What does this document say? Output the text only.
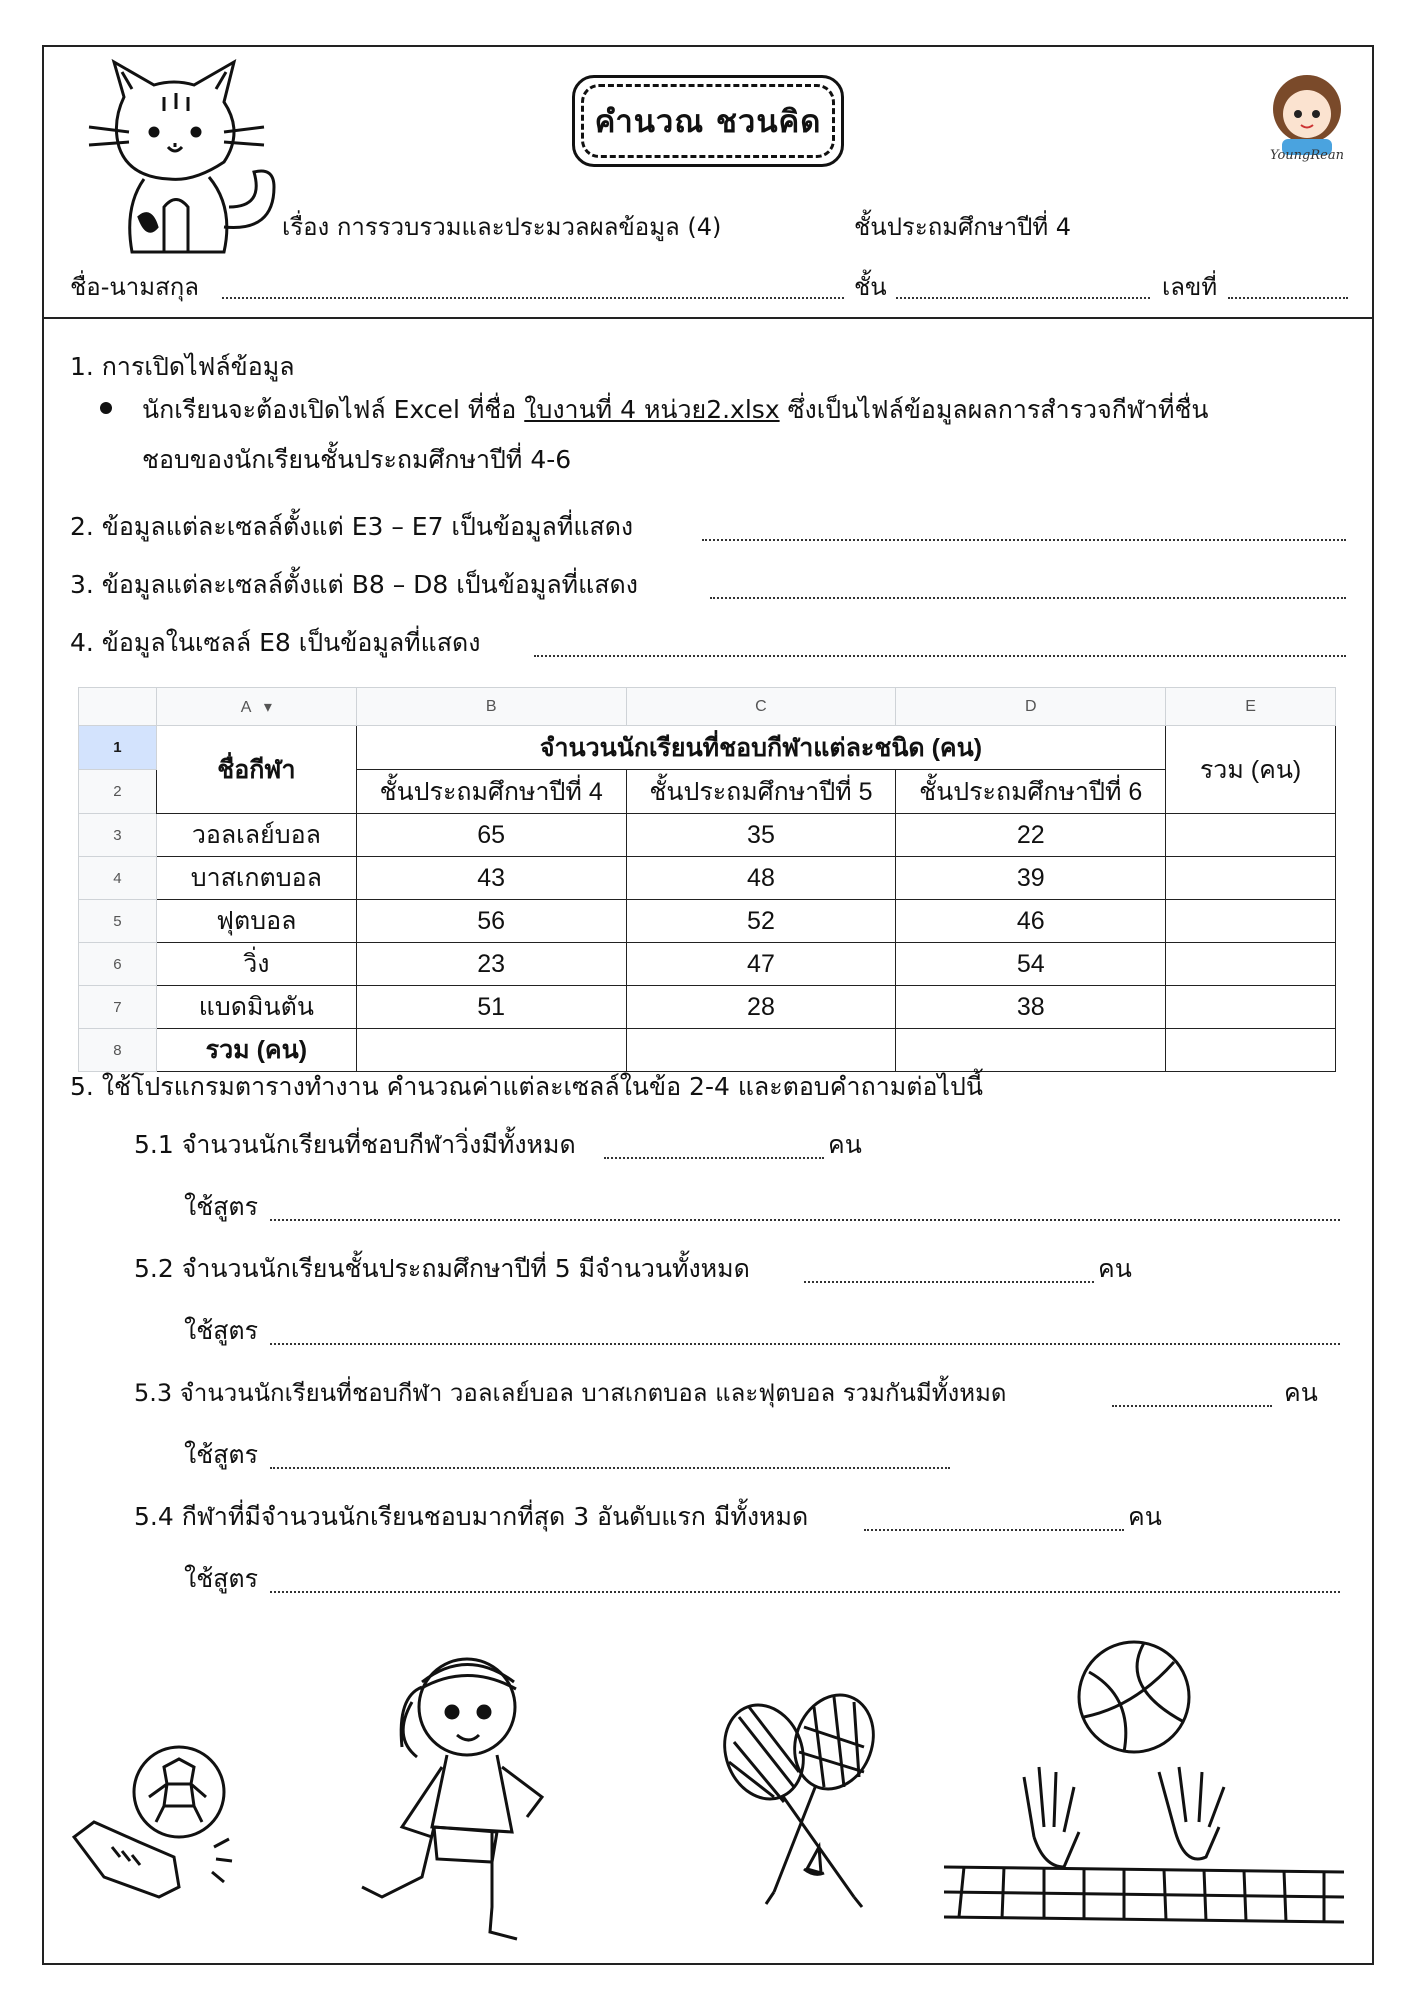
คำนวณ ชวนคิด
YoungRean
เรื่อง การรวบรวมและประมวลผลข้อมูล (4)	ชั้นประถมศึกษาปีที่ 4
ชื่อ-นามสกุล	ชั้น	เลขที่
1. การเปิดไฟล์ข้อมูล
นักเรียนจะต้องเปิดไฟล์ Excel ที่ชื่อ ใบงานที่ 4 หน่วย2.xlsx ซึ่งเป็นไฟล์ข้อมูลผลการสำรวจกีฬาที่ชื่น
ชอบของนักเรียนชั้นประถมศึกษาปีที่ 4-6
2. ข้อมูลแต่ละเซลล์ตั้งแต่ E3 – E7 เป็นข้อมูลที่แสดง
3. ข้อมูลแต่ละเซลล์ตั้งแต่ B8 – D8 เป็นข้อมูลที่แสดง
4. ข้อมูลในเซลล์ E8 เป็นข้อมูลที่แสดง
	A ▾	B	C	D	E
1	ชื่อกีฬา	จำนวนนักเรียนที่ชอบกีฬาแต่ละชนิด (คน)			รวม (คน)
2		ชั้นประถมศึกษาปีที่ 4	ชั้นประถมศึกษาปีที่ 5	ชั้นประถมศึกษาปีที่ 6	
3	วอลเลย์บอล	65	35	22	
4	บาสเกตบอล	43	48	39	
5	ฟุตบอล	56	52	46	
6	วิ่ง	23	47	54	
7	แบดมินตัน	51	28	38	
8	รวม (คน)				
5. ใช้โปรแกรมตารางทำงาน คำนวณค่าแต่ละเซลล์ในข้อ 2-4 และตอบคำถามต่อไปนี้
5.1 จำนวนนักเรียนที่ชอบกีฬาวิ่งมีทั้งหมด	คน
ใช้สูตร
5.2 จำนวนนักเรียนชั้นประถมศึกษาปีที่ 5 มีจำนวนทั้งหมด	คน
ใช้สูตร
5.3 จำนวนนักเรียนที่ชอบกีฬา วอลเลย์บอล บาสเกตบอล และฟุตบอล รวมกันมีทั้งหมด	คน
ใช้สูตร
5.4 กีฬาที่มีจำนวนนักเรียนชอบมากที่สุด 3 อันดับแรก มีทั้งหมด	คน
ใช้สูตร
